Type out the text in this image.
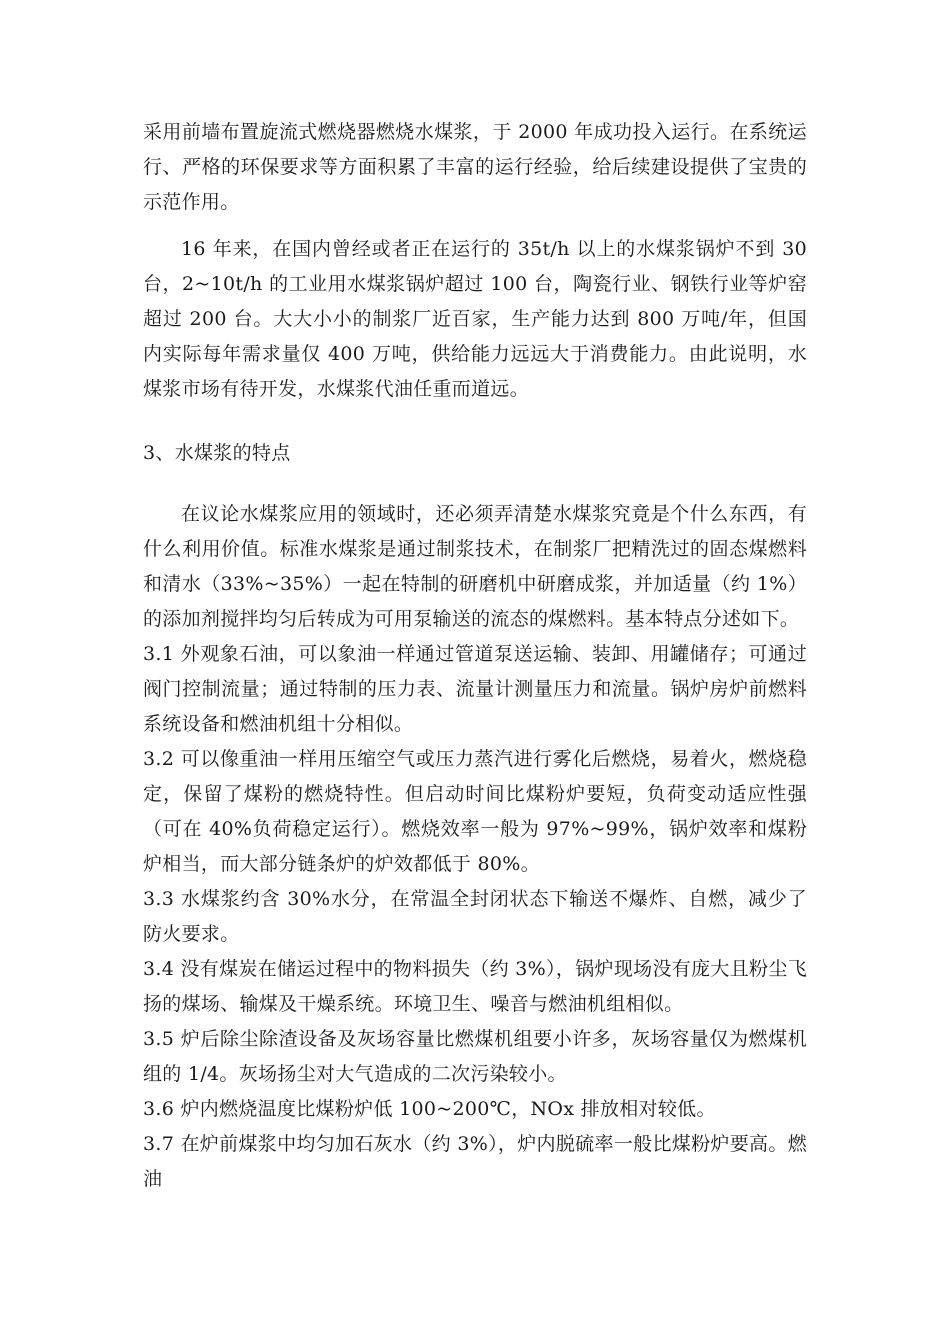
采用前墙布置旋流式燃烧器燃烧水煤浆，于 2000 年成功投入运行。在系统运行、严格的环保要求等方面积累了丰富的运行经验，给后续建设提供了宝贵的示范作用。

16 年来，在国内曾经或者正在运行的 35t/h 以上的水煤浆锅炉不到 30 台，2~10t/h 的工业用水煤浆锅炉超过 100 台，陶瓷行业、钢铁行业等炉窑超过 200 台。大大小小的制浆厂近百家，生产能力达到 800 万吨/年，但国内实际每年需求量仅 400 万吨，供给能力远远大于消费能力。由此说明，水煤浆市场有待开发，水煤浆代油任重而道远。

3、水煤浆的特点

在议论水煤浆应用的领域时，还必须弄清楚水煤浆究竟是个什么东西，有什么利用价值。标准水煤浆是通过制浆技术，在制浆厂把精洗过的固态煤燃料和清水（33%~35%）一起在特制的研磨机中研磨成浆，并加适量（约 1%）的添加剂搅拌均匀后转成为可用泵输送的流态的煤燃料。基本特点分述如下。

3.1 外观象石油，可以象油一样通过管道泵送运输、装卸、用罐储存；可通过阀门控制流量；通过特制的压力表、流量计测量压力和流量。锅炉房炉前燃料系统设备和燃油机组十分相似。

3.2 可以像重油一样用压缩空气或压力蒸汽进行雾化后燃烧，易着火，燃烧稳定，保留了煤粉的燃烧特性。但启动时间比煤粉炉要短，负荷变动适应性强（可在 40%负荷稳定运行）。燃烧效率一般为 97%~99%，锅炉效率和煤粉炉相当，而大部分链条炉的炉效都低于 80%。

3.3 水煤浆约含 30%水分，在常温全封闭状态下输送不爆炸、自燃，减少了防火要求。

3.4 没有煤炭在储运过程中的物料损失（约 3%），锅炉现场没有庞大且粉尘飞扬的煤场、输煤及干燥系统。环境卫生、噪音与燃油机组相似。

3.5 炉后除尘除渣设备及灰场容量比燃煤机组要小许多，灰场容量仅为燃煤机组的 1/4。灰场扬尘对大气造成的二次污染较小。

3.6 炉内燃烧温度比煤粉炉低 100~200℃，NOx 排放相对较低。

3.7 在炉前煤浆中均匀加石灰水（约 3%），炉内脱硫率一般比煤粉炉要高。燃油
